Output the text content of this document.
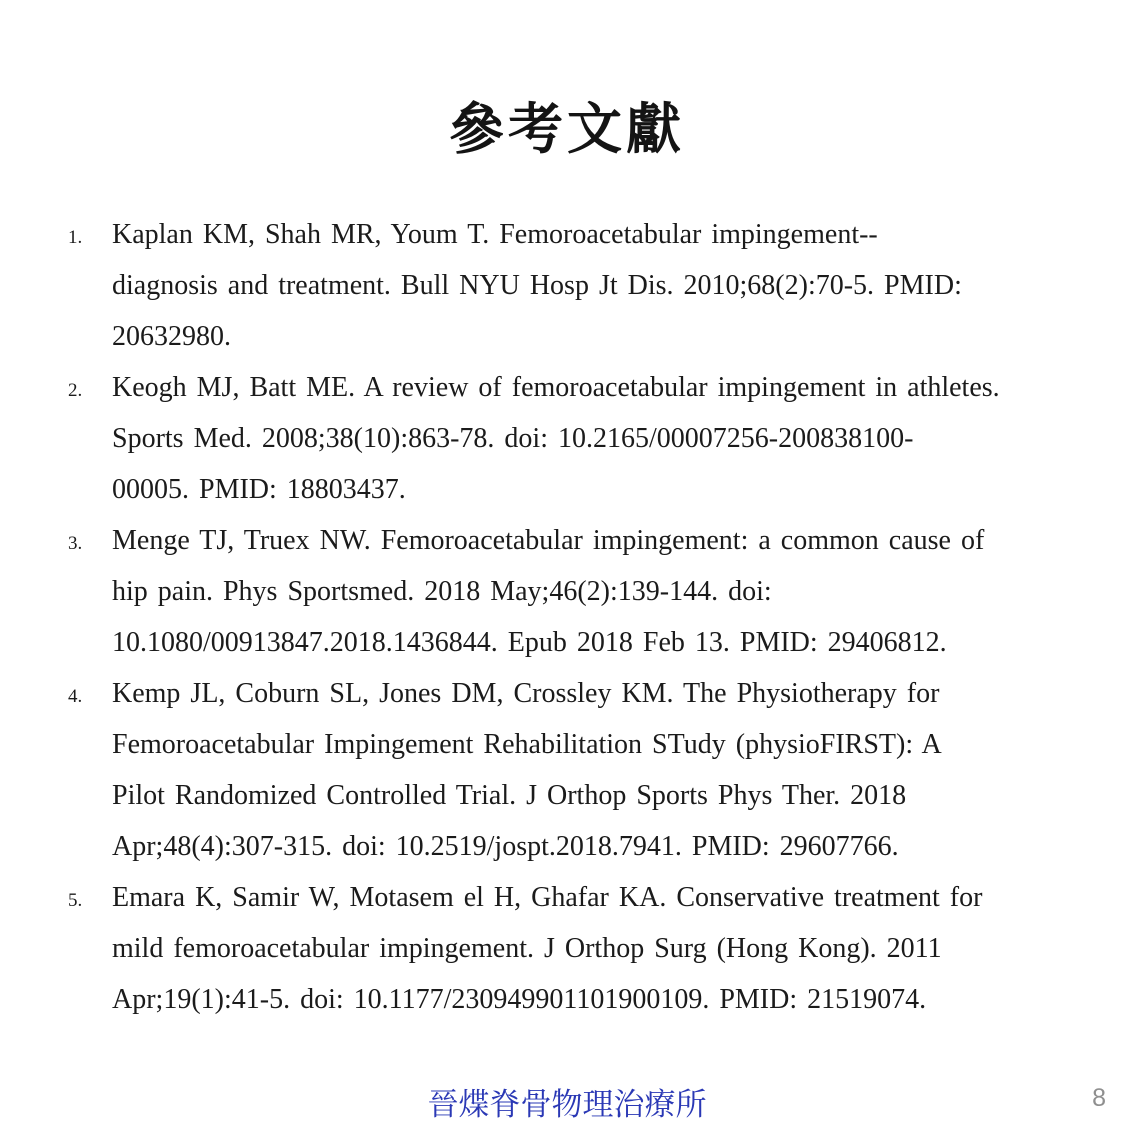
參考文獻
1.	Kaplan KM, Shah MR, Youm T. Femoroacetabular impingement--
diagnosis and treatment. Bull NYU Hosp Jt Dis. 2010;68(2):70-5. PMID:
20632980.
2.	Keogh MJ, Batt ME. A review of femoroacetabular impingement in athletes.
Sports Med. 2008;38(10):863-78. doi: 10.2165/00007256-200838100-
00005. PMID: 18803437.
3.	Menge TJ, Truex NW. Femoroacetabular impingement: a common cause of
hip pain. Phys Sportsmed. 2018 May;46(2):139-144. doi:
10.1080/00913847.2018.1436844. Epub 2018 Feb 13. PMID: 29406812.
4.	Kemp JL, Coburn SL, Jones DM, Crossley KM. The Physiotherapy for
Femoroacetabular Impingement Rehabilitation STudy (physioFIRST): A
Pilot Randomized Controlled Trial. J Orthop Sports Phys Ther. 2018
Apr;48(4):307-315. doi: 10.2519/jospt.2018.7941. PMID: 29607766.
5.	Emara K, Samir W, Motasem el H, Ghafar KA. Conservative treatment for
mild femoroacetabular impingement. J Orthop Surg (Hong Kong). 2011
Apr;19(1):41-5. doi: 10.1177/230949901101900109. PMID: 21519074.

晉煠脊骨物理治療所	8
